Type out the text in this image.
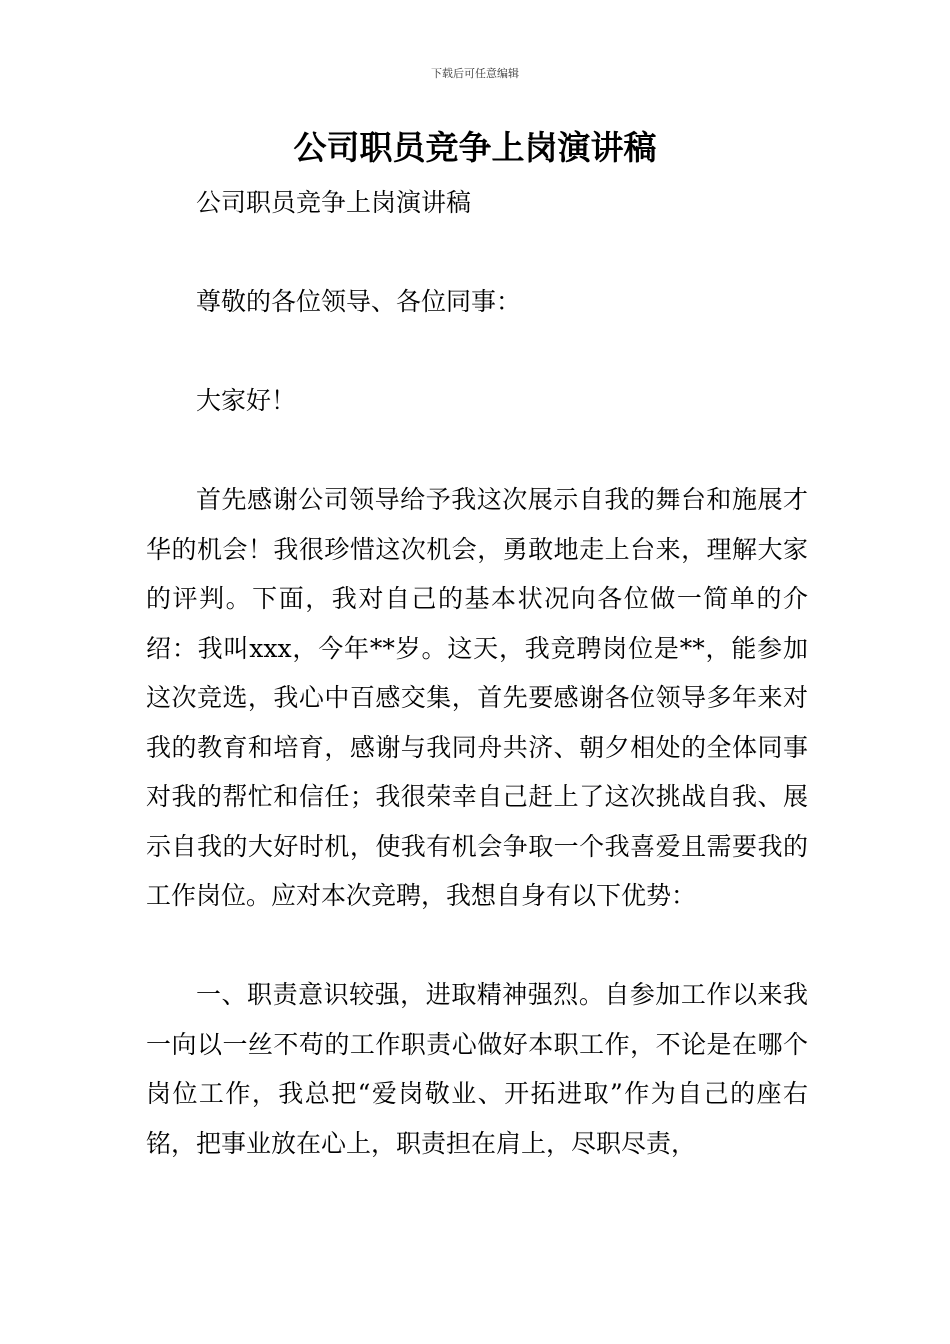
下载后可任意编辑
公司职员竞争上岗演讲稿

公司职员竞争上岗演讲稿

尊敬的各位领导、各位同事：

大家好！

首先感谢公司领导给予我这次展示自我的舞台和施展才华的机会！我很珍惜这次机会，勇敢地走上台来，理解大家的评判。下面，我对自己的基本状况向各位做一简单的介绍：我叫xxx，今年**岁。这天，我竞聘岗位是**，能参加这次竞选，我心中百感交集，首先要感谢各位领导多年来对我的教育和培育，感谢与我同舟共济、朝夕相处的全体同事对我的帮忙和信任；我很荣幸自己赶上了这次挑战自我、展示自我的大好时机，使我有机会争取一个我喜爱且需要我的工作岗位。应对本次竞聘，我想自身有以下优势：

一、职责意识较强，进取精神强烈。自参加工作以来我一向以一丝不苟的工作职责心做好本职工作，不论是在哪个岗位工作，我总把“爱岗敬业、开拓进取”作为自己的座右铭，把事业放在心上，职责担在肩上，尽职尽责，
